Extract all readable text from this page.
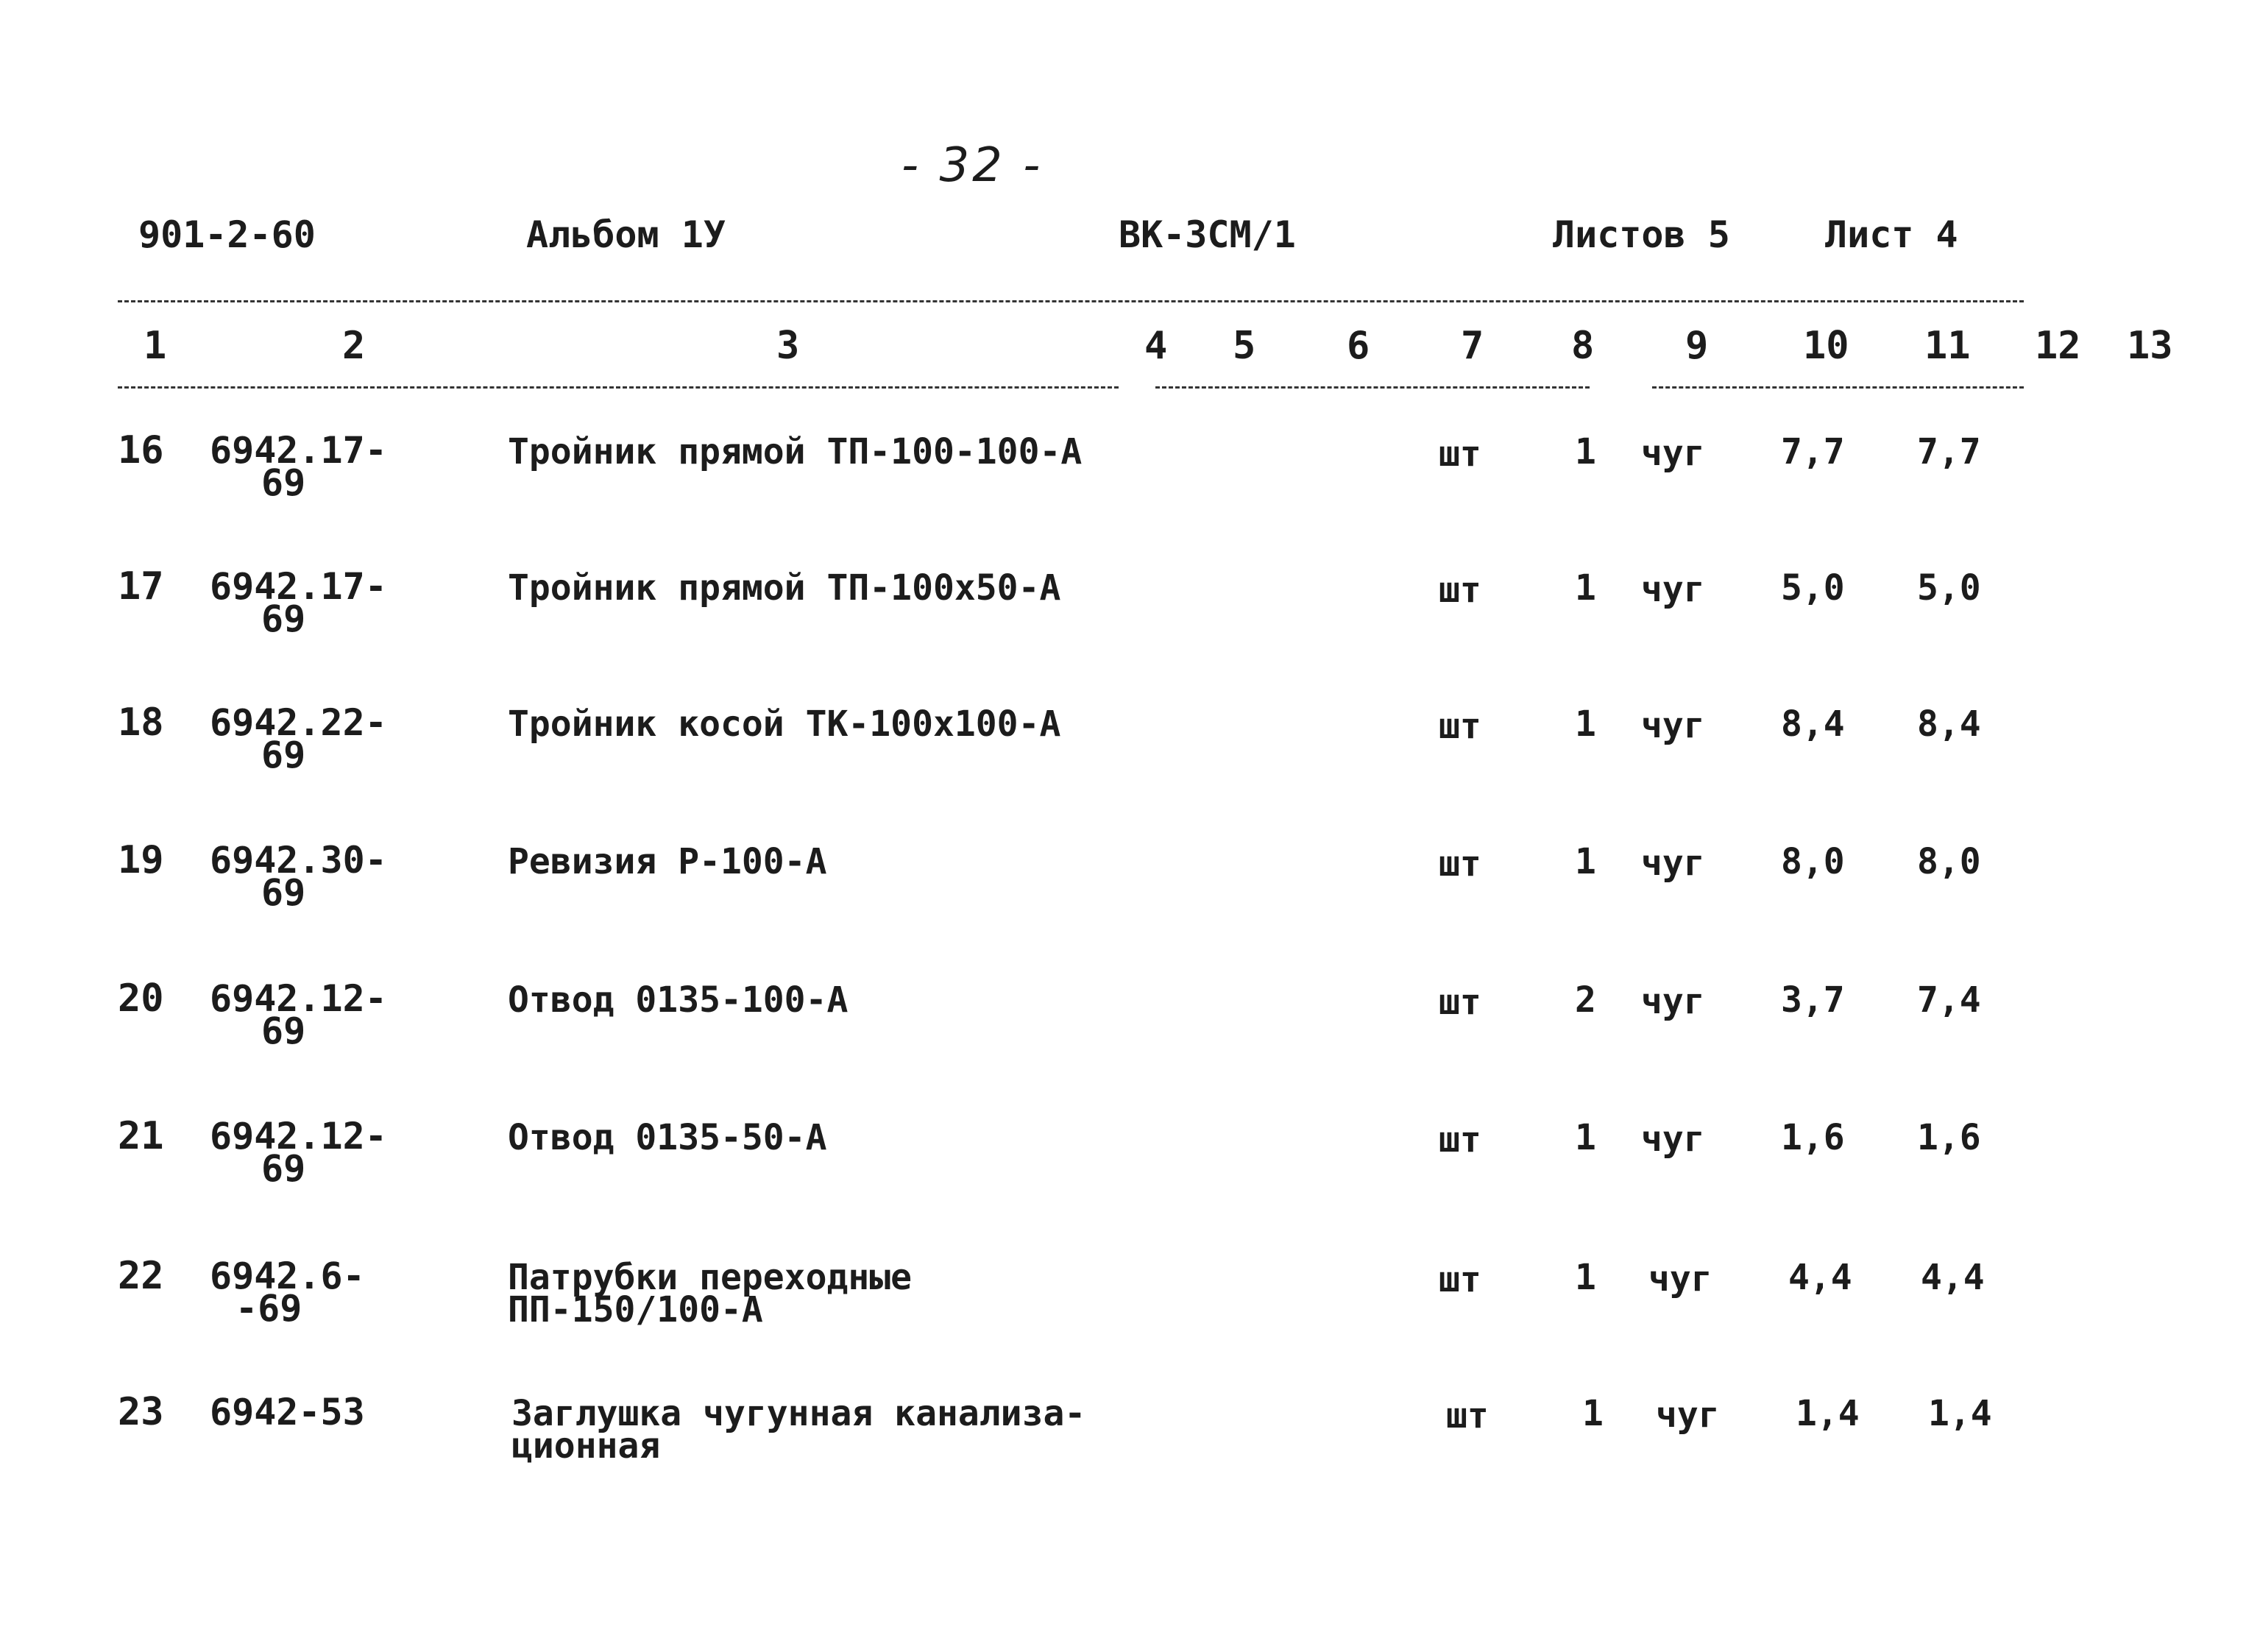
- 32 -
901-2-60	Альбом 1У	ВК-3СМ/1	Листов 5	Лист 4
1	2	3	4 5 6 7 8 9 10 11 12 13
16 6942.17-
69
Тройник прямой ТП-100-100-А	шт	1 чуг 7,7 7,7
17 6942.17-
69
Тройник прямой ТП-100х50-А	шт	1 чуг 5,0 5,0
18 6942.22-
69
Тройник косой ТК-100х100-А	шт	1 чуг 8,4 8,4
19 6942.30-
69
Ревизия Р-100-А	шт	1 чуг 8,0 8,0
20 6942.12-
69
Отвод 0135-100-А	шт	2 чуг 3,7 7,4
21 6942.12-
69
Отвод 0135-50-А	шт	1 чуг 1,6 1,6
22 6942.6-
-69
Патрубки переходные
ПП-150/100-А
шт	1 чуг 4,4 4,4
23 6942-53	Заглушка чугунная канализа-
ционная
шт	1 чуг 1,4 1,4
